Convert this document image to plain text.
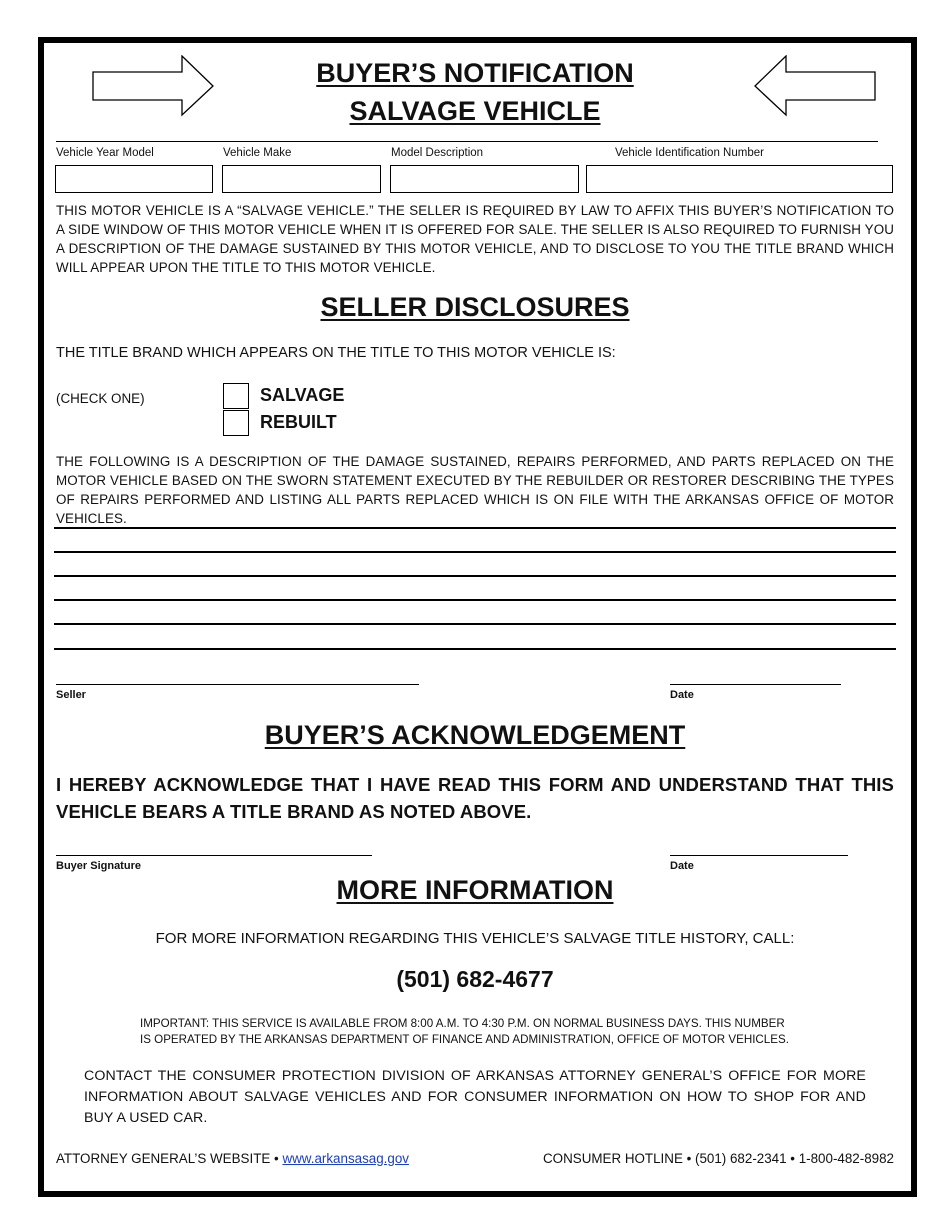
BUYER’S NOTIFICATION
SALVAGE VEHICLE
Vehicle Year Model	Vehicle Make	Model Description	Vehicle Identification Number
THIS MOTOR VEHICLE IS A “SALVAGE VEHICLE.” THE SELLER IS REQUIRED BY LAW TO AFFIX THIS BUYER’S NOTIFICATION TO A SIDE WINDOW OF THIS MOTOR VEHICLE WHEN IT IS OFFERED FOR SALE. THE SELLER IS ALSO REQUIRED TO FURNISH YOU A DESCRIPTION OF THE DAMAGE SUSTAINED BY THIS MOTOR VEHICLE, AND TO DISCLOSE TO YOU THE TITLE BRAND WHICH WILL APPEAR UPON THE TITLE TO THIS MOTOR VEHICLE.
SELLER DISCLOSURES
THE TITLE BRAND WHICH APPEARS ON THE TITLE TO THIS MOTOR VEHICLE IS:
(CHECK ONE)	SALVAGE
REBUILT
THE FOLLOWING IS A DESCRIPTION OF THE DAMAGE SUSTAINED, REPAIRS PERFORMED, AND PARTS REPLACED ON THE MOTOR VEHICLE BASED ON THE SWORN STATEMENT EXECUTED BY THE REBUILDER OR RESTORER DESCRIBING THE TYPES OF REPAIRS PERFORMED AND LISTING ALL PARTS REPLACED WHICH IS ON FILE WITH THE ARKANSAS OFFICE OF MOTOR VEHICLES.
Seller	Date
BUYER’S ACKNOWLEDGEMENT
I HEREBY ACKNOWLEDGE THAT I HAVE READ THIS FORM AND UNDERSTAND THAT THIS VEHICLE BEARS A TITLE BRAND AS NOTED ABOVE.
Buyer Signature	Date
MORE INFORMATION
FOR MORE INFORMATION REGARDING THIS VEHICLE’S SALVAGE TITLE HISTORY, CALL:
(501) 682-4677
IMPORTANT: THIS SERVICE IS AVAILABLE FROM 8:00 A.M. TO 4:30 P.M. ON NORMAL BUSINESS DAYS. THIS NUMBER
IS OPERATED BY THE ARKANSAS DEPARTMENT OF FINANCE AND ADMINISTRATION, OFFICE OF MOTOR VEHICLES.
CONTACT THE CONSUMER PROTECTION DIVISION OF ARKANSAS ATTORNEY GENERAL’S OFFICE FOR MORE INFORMATION ABOUT SALVAGE VEHICLES AND FOR CONSUMER INFORMATION ON HOW TO SHOP FOR AND BUY A USED CAR.
ATTORNEY GENERAL’S WEBSITE • www.arkansasag.gov	CONSUMER HOTLINE • (501) 682-2341 • 1-800-482-8982
